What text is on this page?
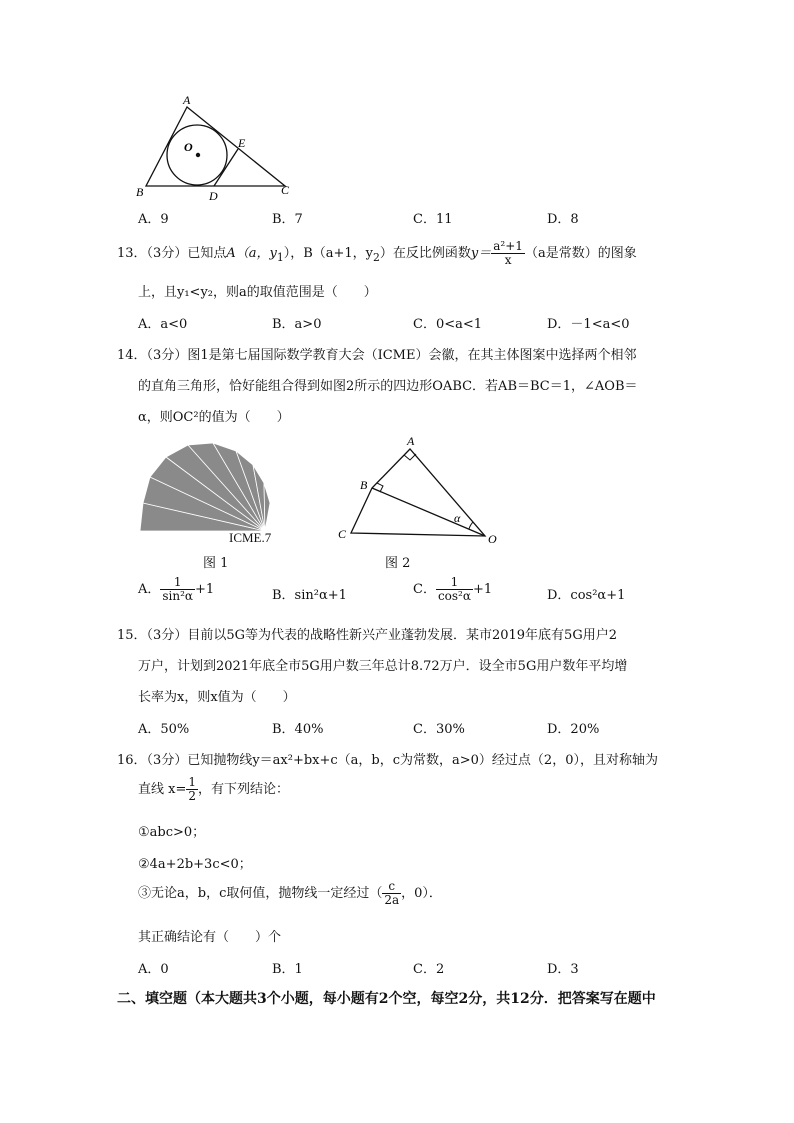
A
O	E
B	D	C
A．9	B．7	C．11	D．8
13．（3分）已知点A（a，$y_1$），B（a+1，$y_2$）在反比例函数$y= \frac{\text{a²+1}}{x} (a$是常数）的图象
上，且y₁<y₂，则a的取值范围是（　　）
A．a<0	B．a>0	C．0<a<1	D．－1<a<0
14．（3分）图1是第七届国际数学教育大会（ICME）会徽，在其主体图案中选择两个相邻
的直角三角形，恰好能组合得到如图2所示的四边形OABC．若AB＝BC＝1，∠AOB＝
α，则OC²的值为（　　）
ICME.7
图 1
A
B
C	O
α
图 2
A． $\frac{1}{\text{sin²α}} +1$	B．sin²α+1	C． $\frac{1}{\text{cos²α}} +1$	D．cos²α+1
15．（3分）目前以5G等为代表的战略性新兴产业蓬勃发展．某市2019年底有5G用户2
万户，计划到2021年底全市5G用户数三年总计8.72万户．设全市5G用户数年平均增
长率为x，则x值为（　　）
A．50%	B．40%	C．30%	D．20%
16．（3分）已知抛物线y＝ax²+bx+c（a，b，c为常数，a>0）经过点（2，0），且对称轴为
直线 $x= \frac{1}{2}$ ，有下列结论：
①abc>0；
②4a+2b+3c<0；
③无论a，b，c取何值，抛物线一定经过（ $\frac{c}{2a}$ ，0）．
其正确结论有（　　）个
A．0	B．1	C．2	D．3
二、填空题（本大题共3个小题，每小题有2个空，每空2分，共12分．把答案写在题中
